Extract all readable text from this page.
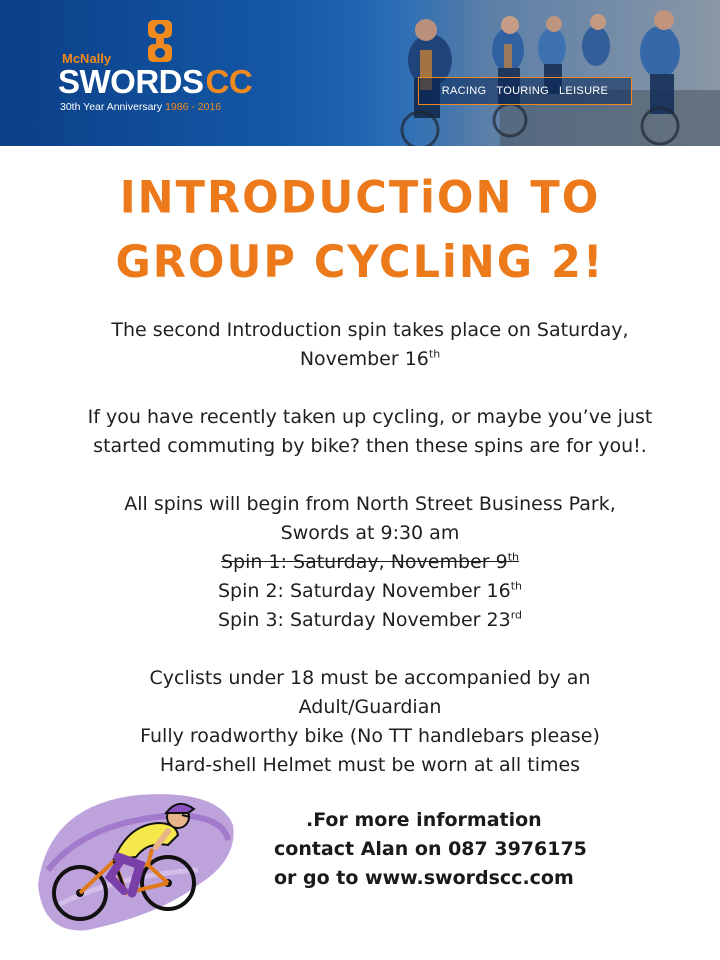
McNally
SWORDSCC
30th Year Anniversary 1986 - 2016
RACING TOURING LEISURE
INTRODUCTiON TO
GROUP CYCLiNG 2!

The second Introduction spin takes place on Saturday,

November 16th

If you have recently taken up cycling, or maybe you’ve just

started commuting by bike? then these spins are for you!.

All spins will begin from North Street Business Park,

Swords at 9:30 am

Spin 1: Saturday, November 9th

Spin 2: Saturday November 16th

Spin 3: Saturday November 23rd

Cyclists under 18 must be accompanied by an

Adult/Guardian

Fully roadworthy bike (No TT handlebars please)

Hard-shell Helmet must be worn at all times

.For more information
contact Alan on 087 3976175
or go to www.swordscc.com
